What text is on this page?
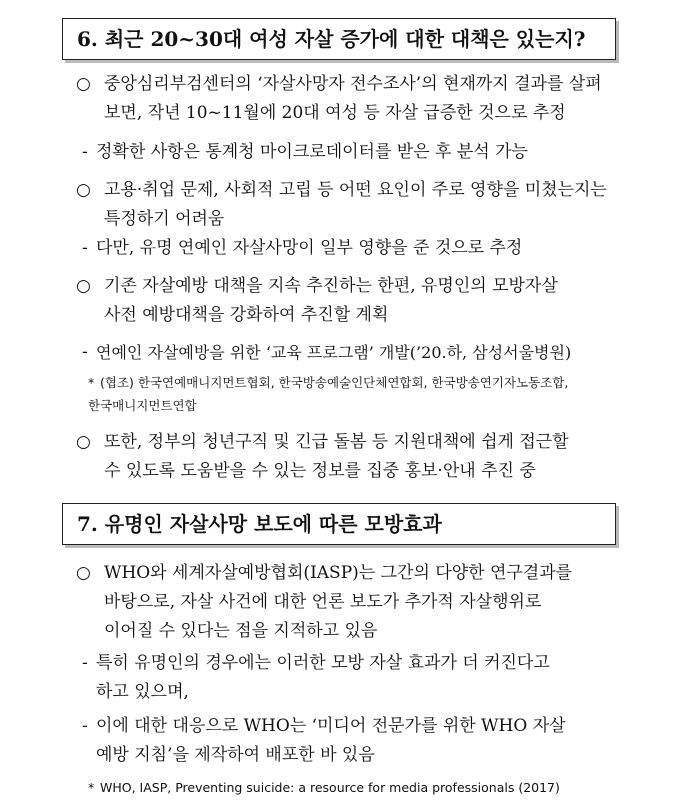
6. 최근 20~30대 여성 자살 증가에 대한 대책은 있는지?
○ 중앙심리부검센터의 ‘자살사망자 전수조사’의 현재까지 결과를 살펴
보면, 작년 10~11월에 20대 여성 등 자살 급증한 것으로 추정
- 정확한 사항은 통계청 마이크로데이터를 받은 후 분석 가능
○ 고용·취업 문제, 사회적 고립 등 어떤 요인이 주로 영향을 미쳤는지는
특정하기 어려움
- 다만, 유명 연예인 자살사망이 일부 영향을 준 것으로 추정
○ 기존 자살예방 대책을 지속 추진하는 한편, 유명인의 모방자살
사전 예방대책을 강화하여 추진할 계획
- 연예인 자살예방을 위한 ‘교육 프로그램’ 개발(’20.하, 삼성서울병원)
* (협조) 한국연예매니지먼트협회, 한국방송예술인단체연합회, 한국방송연기자노동조합,
한국매니지먼트연합
○ 또한, 정부의 청년구직 및 긴급 돌봄 등 지원대책에 쉽게 접근할
수 있도록 도움받을 수 있는 정보를 집중 홍보·안내 추진 중
7. 유명인 자살사망 보도에 따른 모방효과
○ WHO와 세계자살예방협회(IASP)는 그간의 다양한 연구결과를
바탕으로, 자살 사건에 대한 언론 보도가 추가적 자살행위로
이어질 수 있다는 점을 지적하고 있음
- 특히 유명인의 경우에는 이러한 모방 자살 효과가 더 커진다고
하고 있으며,
- 이에 대한 대응으로 WHO는 ‘미디어 전문가를 위한 WHO 자살
예방 지침’을 제작하여 배포한 바 있음
* WHO, IASP, Preventing suicide: a resource for media professionals (2017)
